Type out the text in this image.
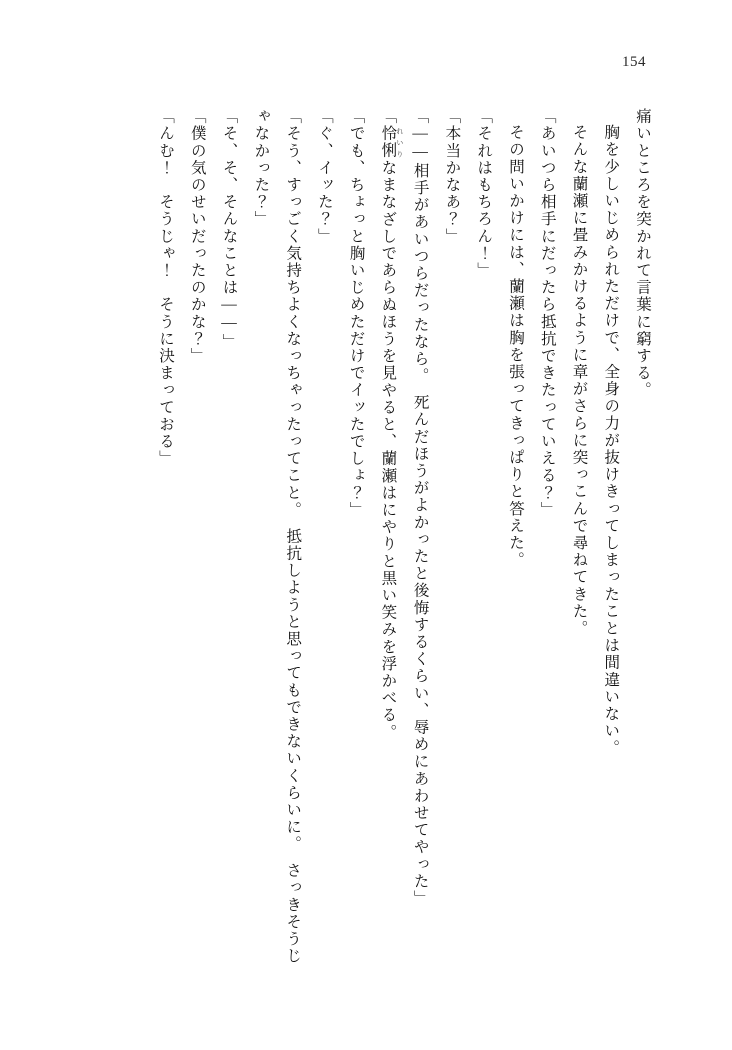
154

痛いところを突かれて言葉に窮する。

胸を少しいじめられただけで、全身の力が抜けきってしまったことは間違いない。

そんな蘭瀬に畳みかけるように章がさらに突っこんで尋ねてきた。

「あいつら相手にだったら抵抗できたっていえる？」

その問いかけには、蘭瀬は胸を張ってきっぱりと答えた。

「それはもちろん！」

「本当かなあ？」

「――相手があいつらだったなら。　死んだほうがよかったと後悔するくらい、辱めにあわせてやった」

「怜悧 れいりなまなざしであらぬほうを見やると、蘭瀬はにやりと黒い笑みを浮かべる。

「でも、ちょっと胸いじめただけでイッたでしょ？」

「ぐ、イッた？」

「そう、すっごく気持ちよくなっちゃったってこと。　抵抗しようと思ってもできないくらいに。　さっきそうじゃなかった？」

「そ、そ、そんなことは――」

「僕の気のせいだったのかな？」

「んむ！　そうじゃ！　そうに決まっておる」
